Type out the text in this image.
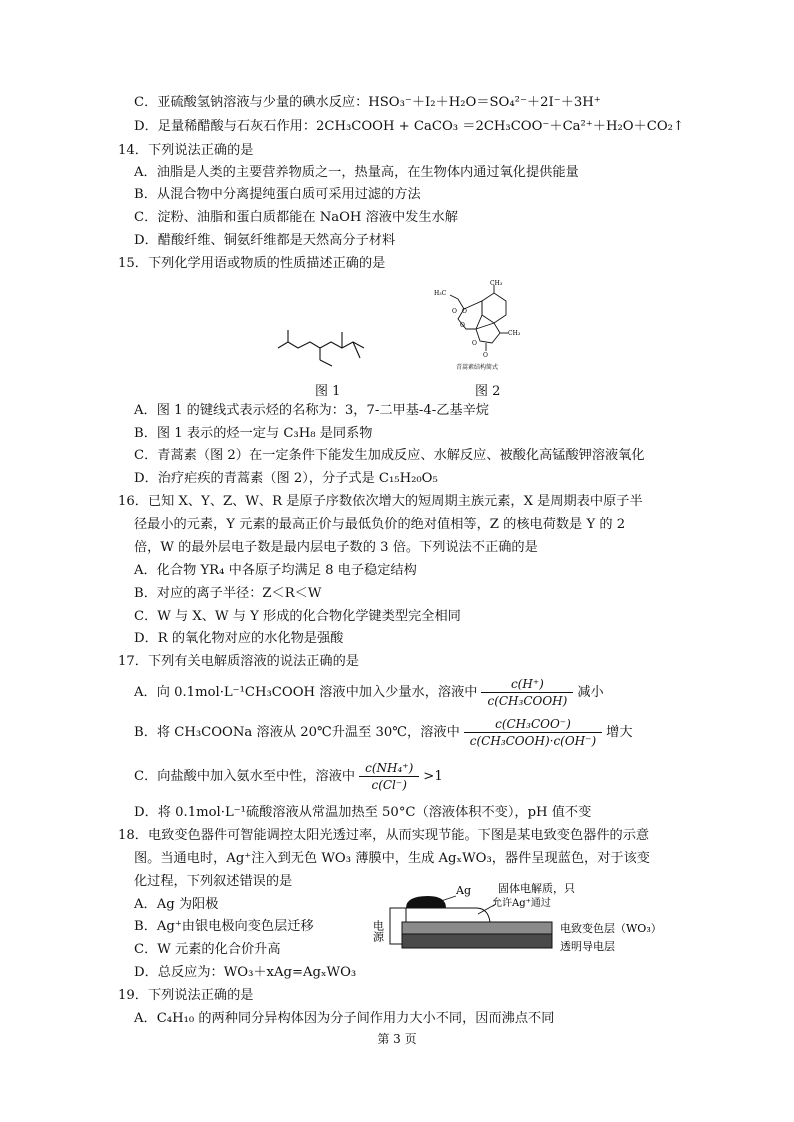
C．亚硫酸氢钠溶液与少量的碘水反应：HSO₃⁻＋I₂＋H₂O＝SO₄²⁻＋2I⁻＋3H⁺
D．足量稀醋酸与石灰石作用：2CH₃COOH + CaCO₃ ＝2CH₃COO⁻＋Ca²⁺＋H₂O＋CO₂↑
14．下列说法正确的是
A．油脂是人类的主要营养物质之一，热量高，在生物体内通过氧化提供能量
B．从混合物中分离提纯蛋白质可采用过滤的方法
C．淀粉、油脂和蛋白质都能在 NaOH 溶液中发生水解
D．醋酸纤维、铜氨纤维都是天然高分子材料
15．下列化学用语或物质的性质描述正确的是
图 1
CH₃
H₃C
O O
O
CH₃
O
O
青蒿素结构简式
图 2
A．图 1 的键线式表示烃的名称为：3，7-二甲基-4-乙基辛烷
B．图 1 表示的烃一定与 C₃H₈ 是同系物
C．青蒿素（图 2）在一定条件下能发生加成反应、水解反应、被酸化高锰酸钾溶液氧化
D．治疗疟疾的青蒿素（图 2），分子式是 C₁₅H₂₀O₅
16．已知 X、Y、Z、W、R 是原子序数依次增大的短周期主族元素，X 是周期表中原子半
径最小的元素，Y 元素的最高正价与最低负价的绝对值相等，Z 的核电荷数是 Y 的 2
倍，W 的最外层电子数是最内层电子数的 3 倍。下列说法不正确的是
A．化合物 YR₄ 中各原子均满足 8 电子稳定结构
B．对应的离子半径：Z＜R＜W
C．W 与 X、W 与 Y 形成的化合物化学键类型完全相同
D．R 的氧化物对应的水化物是强酸
17．下列有关电解质溶液的说法正确的是
A．向 0.1mol·L⁻¹CH₃COOH 溶液中加入少量水，溶液中 $\frac{c(H^+)}{\text{c(CH₃COOH)}}$ 减小
B．将 CH₃COONa 溶液从 20℃升温至 30℃，溶液中 $\frac{\text{c(CH₃COO⁻)}}{\text{c(CH₃COOH)·c(OH⁻)}}$ 增大
C．向盐酸中加入氨水至中性，溶液中 $\frac{\text{c(NH₄⁺)}}{c(Cl^-)} >1$
D．将 0.1mol·L⁻¹硫酸溶液从常温加热至 50°C（溶液体积不变），pH 值不变
18．电致变色器件可智能调控太阳光透过率，从而实现节能。下图是某电致变色器件的示意
图。当通电时，Ag⁺注入到无色 WO₃ 薄膜中，生成 AgₓWO₃，器件呈现蓝色，对于该变
化过程，下列叙述错误的是
A．Ag 为阳极
B．Ag⁺由银电极向变色层迁移
C．W 元素的化合价升高
D．总反应为：WO₃＋xAg=AgₓWO₃
电源
Ag 固体电解质，只
允许Ag⁺通过
电致变色层（WO₃）
透明导电层
19．下列说法正确的是
A．C₄H₁₀ 的两种同分异构体因为分子间作用力大小不同，因而沸点不同
第 3 页
